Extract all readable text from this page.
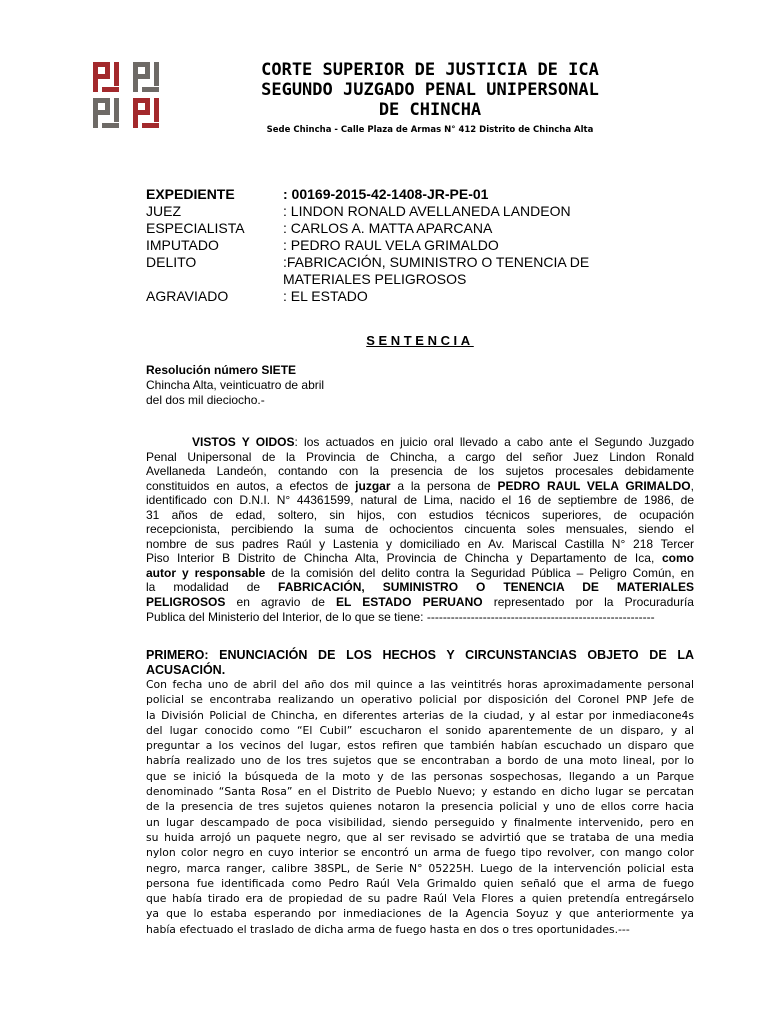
CORTE SUPERIOR DE JUSTICIA DE ICA
SEGUNDO JUZGADO PENAL UNIPERSONAL
DE CHINCHA
Sede Chincha - Calle Plaza de Armas N° 412 Distrito de Chincha Alta
EXPEDIENTE	: 00169-2015-42-1408-JR-PE-01
JUEZ	: LINDON RONALD AVELLANEDA LANDEON
ESPECIALISTA	: CARLOS A. MATTA APARCANA
IMPUTADO	: PEDRO RAUL VELA GRIMALDO
DELITO	:FABRICACIÓN, SUMINISTRO O TENENCIA DE
MATERIALES PELIGROSOS
AGRAVIADO	: EL ESTADO
SENTENCIA
Resolución número SIETE
Chincha Alta, veinticuatro de abril
del dos mil dieciocho.-
VISTOS Y OIDOS: los actuados en juicio oral llevado a cabo ante el Segundo Juzgado
Penal Unipersonal de la Provincia de Chincha, a cargo del señor Juez Lindon Ronald
Avellaneda Landeón, contando con la presencia de los sujetos procesales debidamente
constituidos en autos, a efectos de juzgar a la persona de PEDRO RAUL VELA GRIMALDO,
identificado con D.N.I. N° 44361599, natural de Lima, nacido el 16 de septiembre de 1986, de
31 años de edad, soltero, sin hijos, con estudios técnicos superiores, de ocupación
recepcionista, percibiendo la suma de ochocientos cincuenta soles mensuales, siendo el
nombre de sus padres Raúl y Lastenia y domiciliado en Av. Mariscal Castilla N° 218 Tercer
Piso Interior B Distrito de Chincha Alta, Provincia de Chincha y Departamento de Ica, como
autor y responsable de la comisión del delito contra la Seguridad Pública – Peligro Común, en
la modalidad de FABRICACIÓN, SUMINISTRO O TENENCIA DE MATERIALES
PELIGROSOS en agravio de EL ESTADO PERUANO representado por la Procuraduría
Publica del Ministerio del Interior, de lo que se tiene: ---------------------------------------------------------
PRIMERO: ENUNCIACIÓN DE LOS HECHOS Y CIRCUNSTANCIAS OBJETO DE LA
ACUSACIÓN.
Con fecha uno de abril del año dos mil quince a las veintitrés horas aproximadamente personal
policial se encontraba realizando un operativo policial por disposición del Coronel PNP Jefe de
la División Policial de Chincha, en diferentes arterias de la ciudad, y al estar por inmediacone4s
del lugar conocido como “El Cubil” escucharon el sonido aparentemente de un disparo, y al
preguntar a los vecinos del lugar, estos refiren que también habían escuchado un disparo que
habría realizado uno de los tres sujetos que se encontraban a bordo de una moto lineal, por lo
que se inició la búsqueda de la moto y de las personas sospechosas, llegando a un Parque
denominado “Santa Rosa” en el Distrito de Pueblo Nuevo; y estando en dicho lugar se percatan
de la presencia de tres sujetos quienes notaron la presencia policial y uno de ellos corre hacia
un lugar descampado de poca visibilidad, siendo perseguido y finalmente intervenido, pero en
su huida arrojó un paquete negro, que al ser revisado se advirtió que se trataba de una media
nylon color negro en cuyo interior se encontró un arma de fuego tipo revolver, con mango color
negro, marca ranger, calibre 38SPL, de Serie N° 05225H. Luego de la intervención policial esta
persona fue identificada como Pedro Raúl Vela Grimaldo quien señaló que el arma de fuego
que había tirado era de propiedad de su padre Raúl Vela Flores a quien pretendía entregárselo
ya que lo estaba esperando por inmediaciones de la Agencia Soyuz y que anteriormente ya
había efectuado el traslado de dicha arma de fuego hasta en dos o tres oportunidades.---
